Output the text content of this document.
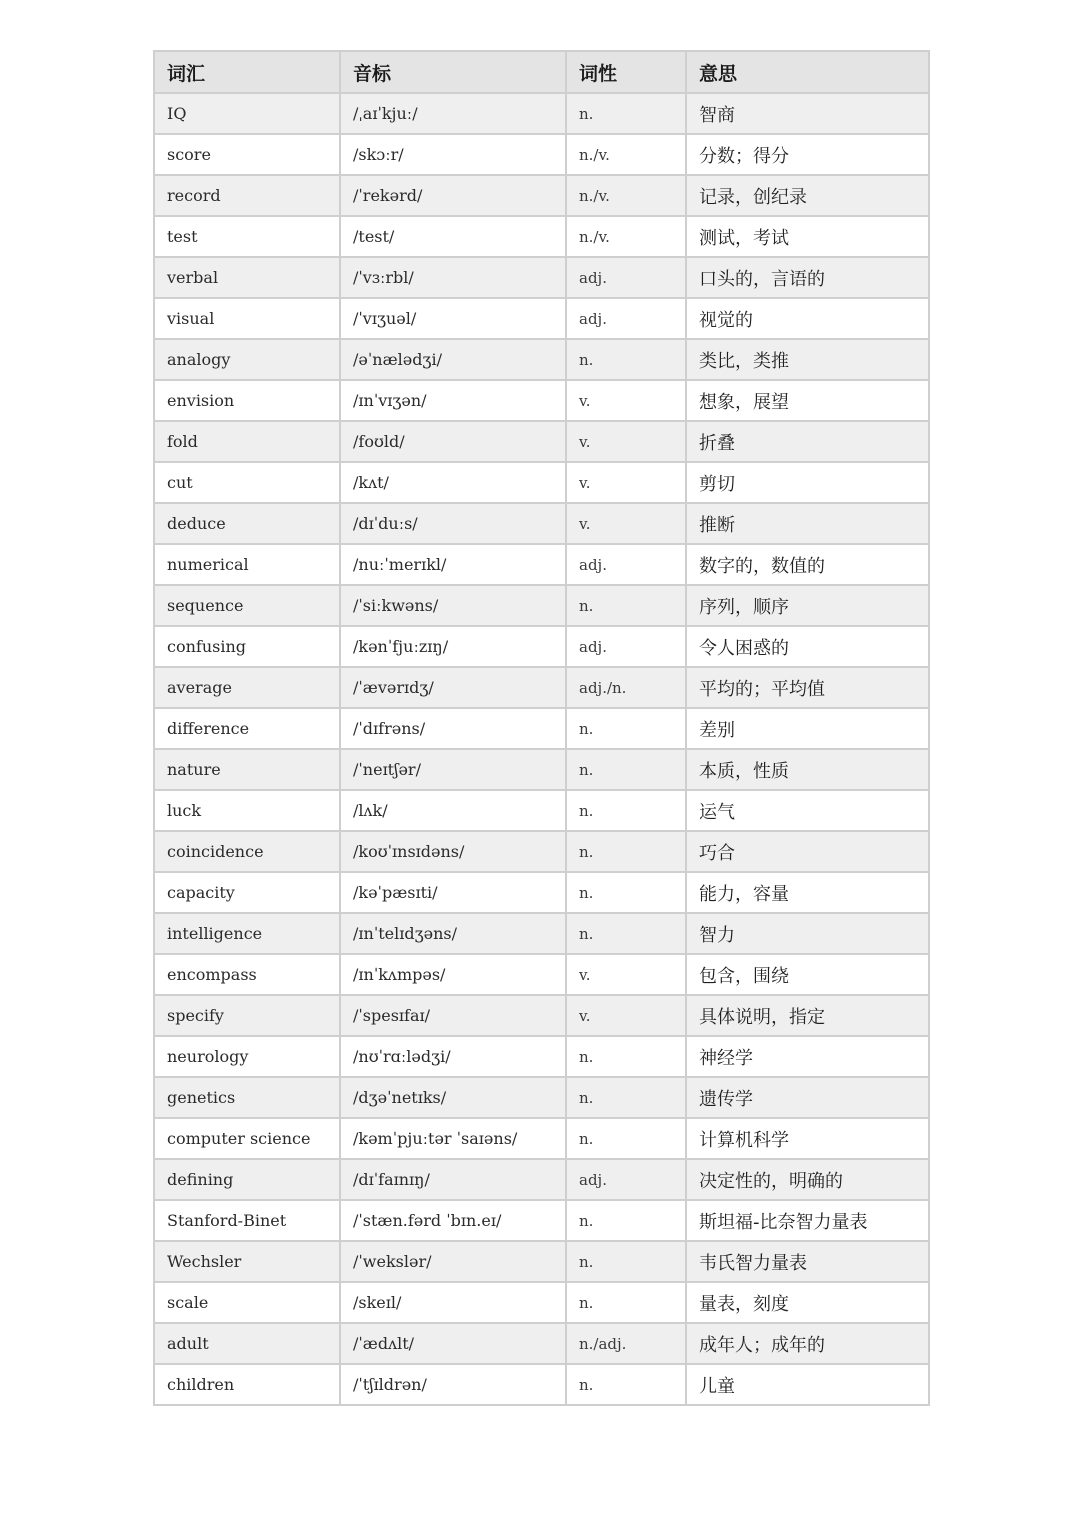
词汇	音标	词性	意思
IQ	/ˌaɪˈkjuː/	n.	智商
score	/skɔːr/	n./v.	分数；得分
record	/ˈrekərd/	n./v.	记录，创纪录
test	/test/	n./v.	测试，考试
verbal	/ˈvɜːrbl/	adj.	口头的，言语的
visual	/ˈvɪʒuəl/	adj.	视觉的
analogy	/əˈnælədʒi/	n.	类比，类推
envision	/ɪnˈvɪʒən/	v.	想象，展望
fold	/foʊld/	v.	折叠
cut	/kʌt/	v.	剪切
deduce	/dɪˈduːs/	v.	推断
numerical	/nuːˈmerɪkl/	adj.	数字的，数值的
sequence	/ˈsiːkwəns/	n.	序列，顺序
confusing	/kənˈfjuːzɪŋ/	adj.	令人困惑的
average	/ˈævərɪdʒ/	adj./n.	平均的；平均值
difference	/ˈdɪfrəns/	n.	差别
nature	/ˈneɪtʃər/	n.	本质，性质
luck	/lʌk/	n.	运气
coincidence	/koʊˈɪnsɪdəns/	n.	巧合
capacity	/kəˈpæsɪti/	n.	能力，容量
intelligence	/ɪnˈtelɪdʒəns/	n.	智力
encompass	/ɪnˈkʌmpəs/	v.	包含，围绕
specify	/ˈspesɪfaɪ/	v.	具体说明，指定
neurology	/nʊˈrɑːlədʒi/	n.	神经学
genetics	/dʒəˈnetɪks/	n.	遗传学
computer science	/kəmˈpjuːtər ˈsaɪəns/	n.	计算机科学
defining	/dɪˈfaɪnɪŋ/	adj.	决定性的，明确的
Stanford-Binet	/ˈstæn.fərd ˈbɪn.eɪ/	n.	斯坦福-比奈智力量表
Wechsler	/ˈwekslər/	n.	韦氏智力量表
scale	/skeɪl/	n.	量表，刻度
adult	/ˈædʌlt/	n./adj.	成年人；成年的
children	/ˈtʃɪldrən/	n.	儿童
